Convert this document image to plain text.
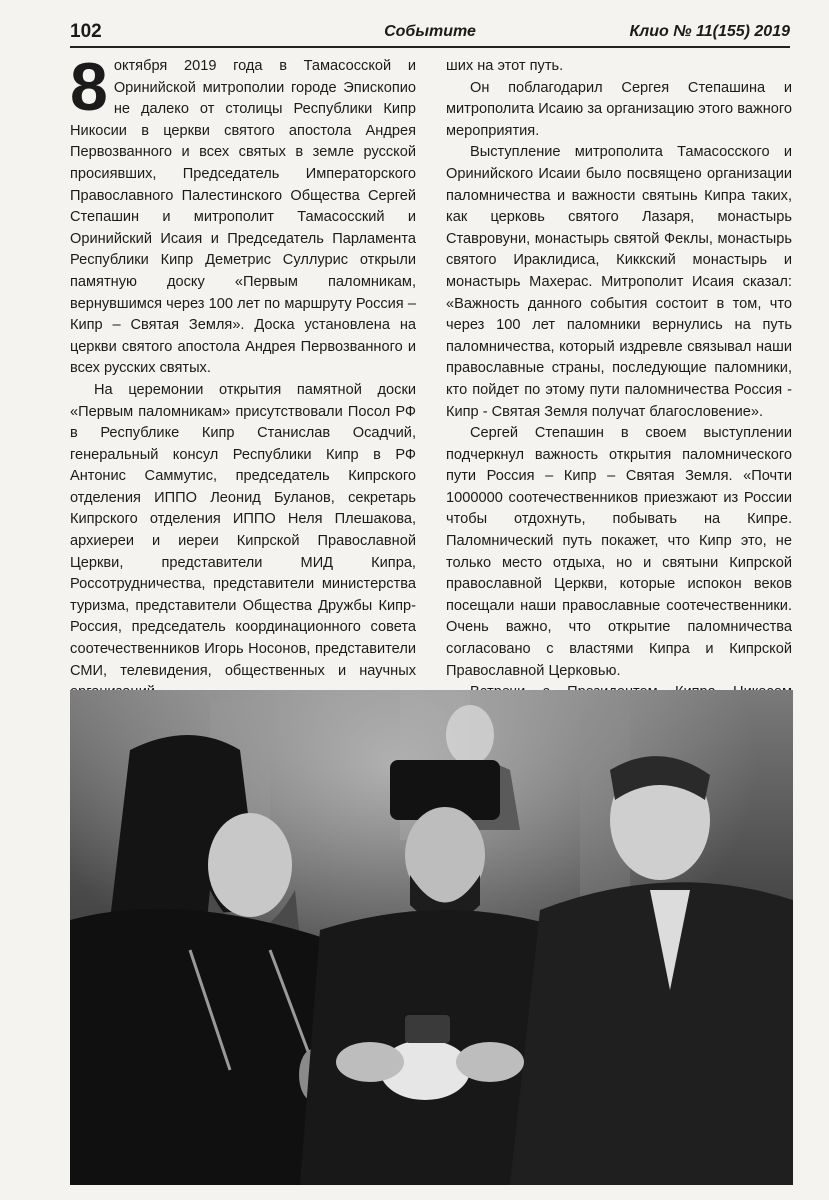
102	Событите	Клио № 11(155) 2019

8 октября 2019 года в Тамасосской и Оринийской митрополии городе Эпископио не далеко от столицы Республики Кипр Никосии в церкви святого апостола Андрея Первозванного и всех святых в земле русской просиявших, Председатель Императорского Православного Палестинского Общества Сергей Степашин и митрополит Тамасосский и Оринийский Исаия и Председатель Парламента Республики Кипр Деметрис Суллурис открыли памятную доску «Первым паломникам, вернувшимся через 100 лет по маршруту Россия – Кипр – Святая Земля». Доска установлена на церкви святого апостола Андрея Первозванного и всех русских святых.

На церемонии открытия памятной доски «Первым паломникам» присутствовали Посол РФ в Республике Кипр Станислав Осадчий, генеральный консул Республики Кипр в РФ Антонис Саммутис, председатель Кипрского отделения ИППО Леонид Буланов, секретарь Кипрского отделения ИППО Неля Плешакова, архиереи и иереи Кипрской Православной Церкви, представители МИД Кипра, Россотрудничества, представители министерства туризма, представители Общества Дружбы Кипр-Россия, председатель координационного совета соотечественников Игорь Носонов, представители СМИ, телевидения, общественных и научных

ших на этот путь.

Он поблагодарил Сергея Степашина и митрополита Исаию за организацию этого важного мероприятия.

Выступление митрополита Тамасосского и Оринийского Исаии было посвящено организации паломничества и важности святынь Кипра таких, как церковь святого Лазаря, монастырь Ставровуни, монастырь святой Феклы, монастырь святого Ираклидиса, Киккский монастырь и монастырь Махерас. Митрополит Исаия сказал: «Важность данного события состоит в том, что через 100 лет паломники вернулись на путь паломничества, который издревле связывал наши православные страны, последующие паломники, кто пойдет по этому пути паломничества Россия - Кипр - Святая Земля получат благословение».

Сергей Степашин в своем выступлении подчеркнул важность открытия паломнического пути Россия – Кипр – Святая Земля. «Почти 1000000 соотечественников приезжают из России чтобы отдохнуть, побывать на Кипре. Паломнический путь покажет, что Кипр это, не только место отдыха, но и святыни Кипрской православной Церкви, которые испокон веков посещали наши православные соотечественники. Очень важно, что открытие паломничества согласовано с властями Кипра и Кипрской Православной Церковью.
